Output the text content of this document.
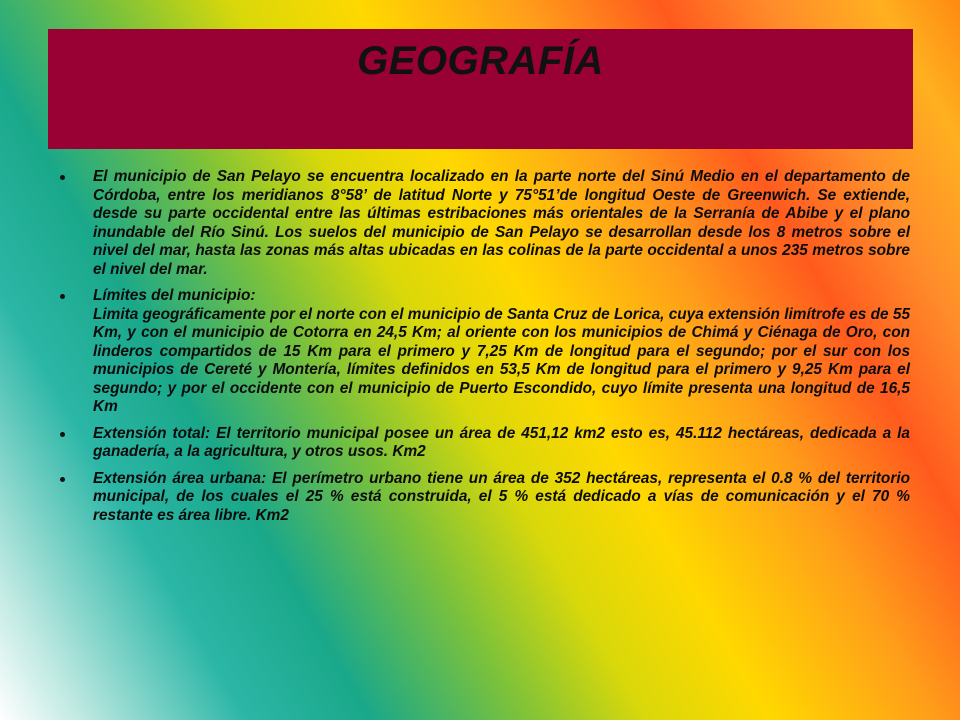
GEOGRAFÍA
El municipio de San Pelayo se encuentra localizado en la parte norte del Sinú Medio en el departamento de Córdoba, entre los meridianos 8°58’ de latitud Norte y 75°51’de longitud Oeste de Greenwich. Se extiende, desde su parte occidental entre las últimas estribaciones más orientales de la Serranía de Abibe y el plano inundable del Río Sinú. Los suelos del municipio de San Pelayo se desarrollan desde los 8 metros sobre el nivel del mar, hasta las zonas más altas ubicadas en las colinas de la parte occidental a unos 235 metros sobre el nivel del mar.
Límites del municipio:
Limita geográficamente por el norte con el municipio de Santa Cruz de Lorica, cuya extensión limítrofe es de 55 Km, y con el municipio de Cotorra en 24,5 Km; al oriente con los municipios de Chimá y Ciénaga de Oro, con linderos compartidos de 15 Km para el primero y 7,25 Km de longitud para el segundo; por el sur con los municipios de Cereté y Montería, límites definidos en 53,5 Km de longitud para el primero y 9,25 Km para el segundo; y por el occidente con el municipio de Puerto Escondido, cuyo límite presenta una longitud de 16,5 Km
Extensión total: El territorio municipal posee un área de 451,12 km2 esto es, 45.112 hectáreas, dedicada a la ganadería, a la agricultura, y otros usos. Km2
Extensión área urbana: El perímetro urbano tiene un área de 352 hectáreas, representa el 0.8 % del territorio municipal, de los cuales el 25 % está construida, el 5 % está dedicado a vías de comunicación y el 70 % restante es área libre. Km2
